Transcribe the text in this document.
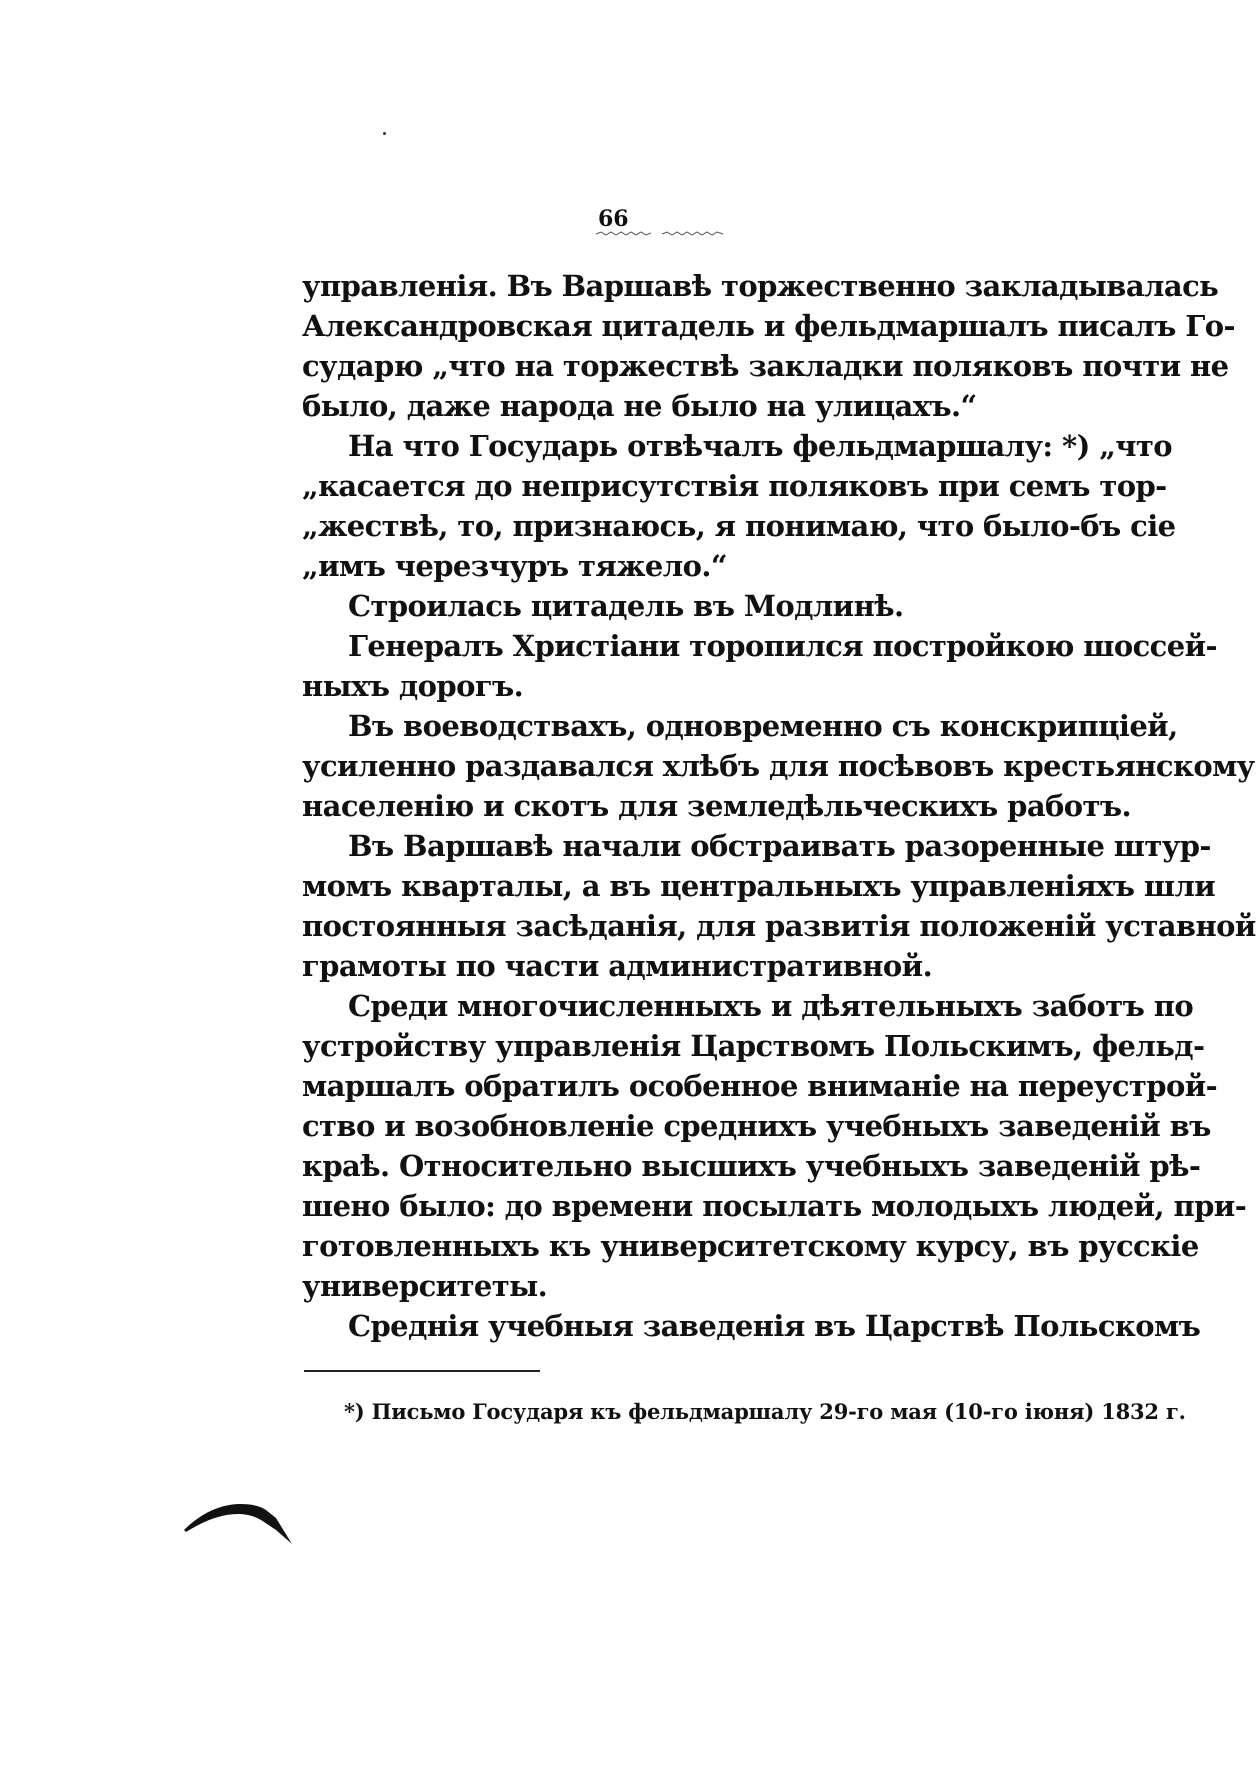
66
управленія. Въ Варшавѣ торжественно закладывалась
Александровская цитадель и фельдмаршалъ писалъ Го-
сударю „что на торжествѣ закладки поляковъ почти не
было, даже народа не было на улицахъ.“
На что Государь отвѣчалъ фельдмаршалу: *) „что
„касается до неприсутствія поляковъ при семъ тор-
„жествѣ, то, признаюсь, я понимаю, что было-бъ сіе
„имъ черезчуръ тяжело.“
Строилась цитадель въ Модлинѣ.
Генералъ Христіани торопился постройкою шоссей-
ныхъ дорогъ.
Въ воеводствахъ, одновременно съ конскрипціей,
усиленно раздавался хлѣбъ для посѣвовъ крестьянскому
населенію и скотъ для земледѣльческихъ работъ.
Въ Варшавѣ начали обстраивать разоренные штур-
момъ кварталы, а въ центральныхъ управленіяхъ шли
постоянныя засѣданія, для развитія положеній уставной
грамоты по части административной.
Среди многочисленныхъ и дѣятельныхъ заботъ по
устройству управленія Царствомъ Польскимъ, фельд-
маршалъ обратилъ особенное вниманіе на переустрой-
ство и возобновленіе среднихъ учебныхъ заведеній въ
краѣ. Относительно высшихъ учебныхъ заведеній рѣ-
шено было: до времени посылать молодыхъ людей, при-
готовленныхъ къ университетскому курсу, въ русскіе
университеты.
Среднія учебныя заведенія въ Царствѣ Польскомъ
*) Письмо Государя къ фельдмаршалу 29-го мая (10-го іюня) 1832 г.
